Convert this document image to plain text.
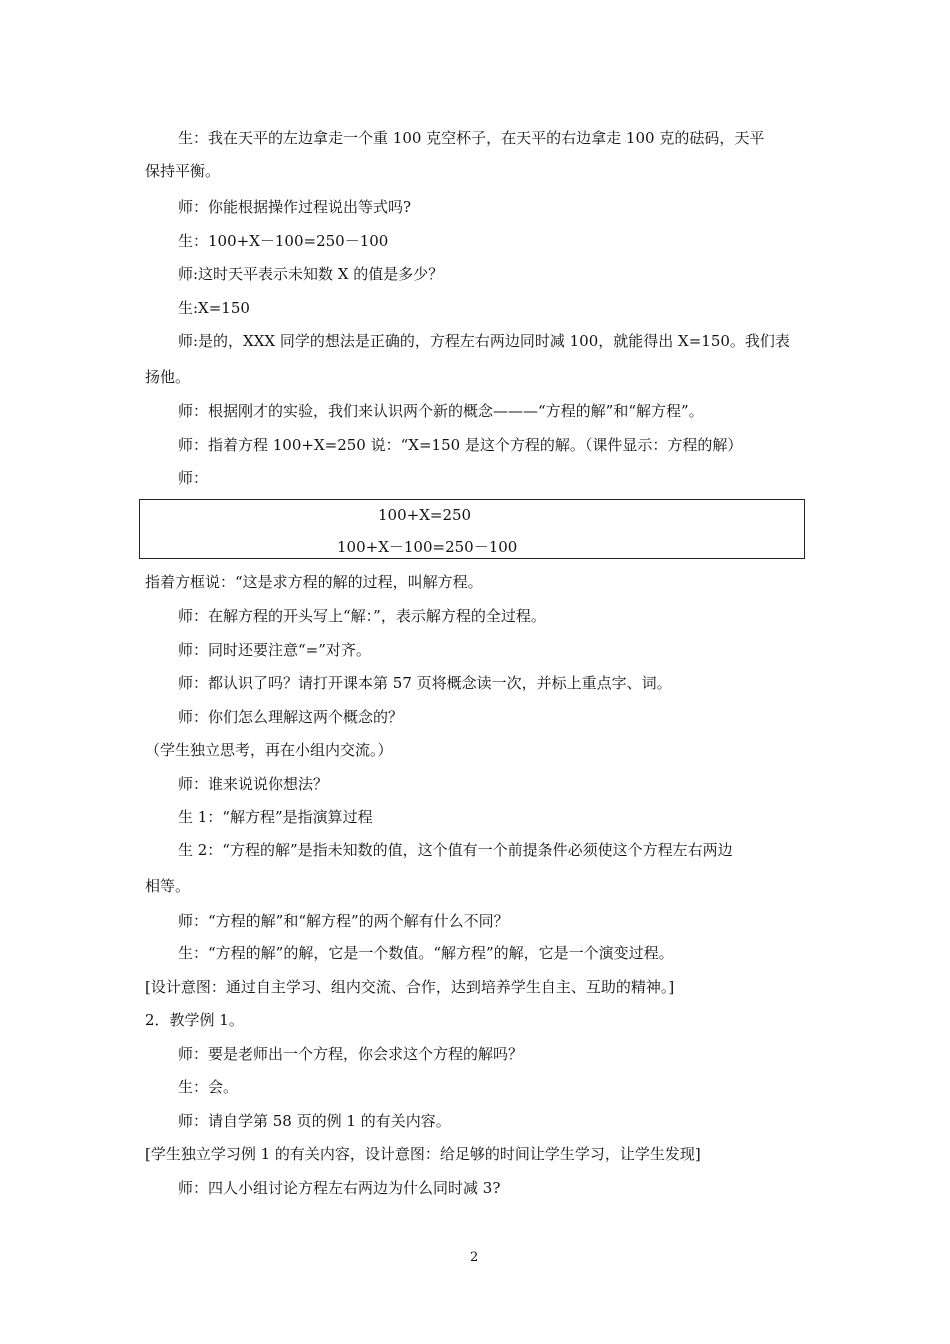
生：我在天平的左边拿走一个重 100 克空杯子，在天平的右边拿走 100 克的砝码，天平
保持平衡。
师：你能根据操作过程说出等式吗?
生：100+X－100=250－100
师:这时天平表示未知数 X 的值是多少？
生:X=150
师:是的，XXX 同学的想法是正确的，方程左右两边同时减 100，就能得出 X=150。我们表
扬他。
师：根据刚才的实验，我们来认识两个新的概念———“方程的解”和“解方程”。
师：指着方程 100+X=250 说：“X=150 是这个方程的解。（课件显示：方程的解）
师：
100+X=250
100+X－100=250－100
指着方框说：“这是求方程的解的过程，叫解方程。
师：在解方程的开头写上“解：”，表示解方程的全过程。
师：同时还要注意“=”对齐。
师：都认识了吗？请打开课本第 57 页将概念读一次，并标上重点字、词。
师：你们怎么理解这两个概念的？
（学生独立思考，再在小组内交流。）
师：谁来说说你想法？
生 1：“解方程”是指演算过程
生 2：“方程的解”是指未知数的值，这个值有一个前提条件必须使这个方程左右两边
相等。
师：“方程的解”和“解方程”的两个解有什么不同？
生：“方程的解”的解，它是一个数值。“解方程”的解，它是一个演变过程。
[设计意图：通过自主学习、组内交流、合作，达到培养学生自主、互助的精神。]
2．教学例 1。
师：要是老师出一个方程，你会求这个方程的解吗？
生：会。
师：请自学第 58 页的例 1 的有关内容。
[学生独立学习例 1 的有关内容，设计意图：给足够的时间让学生学习，让学生发现]
师：四人小组讨论方程左右两边为什么同时减 3?
2
